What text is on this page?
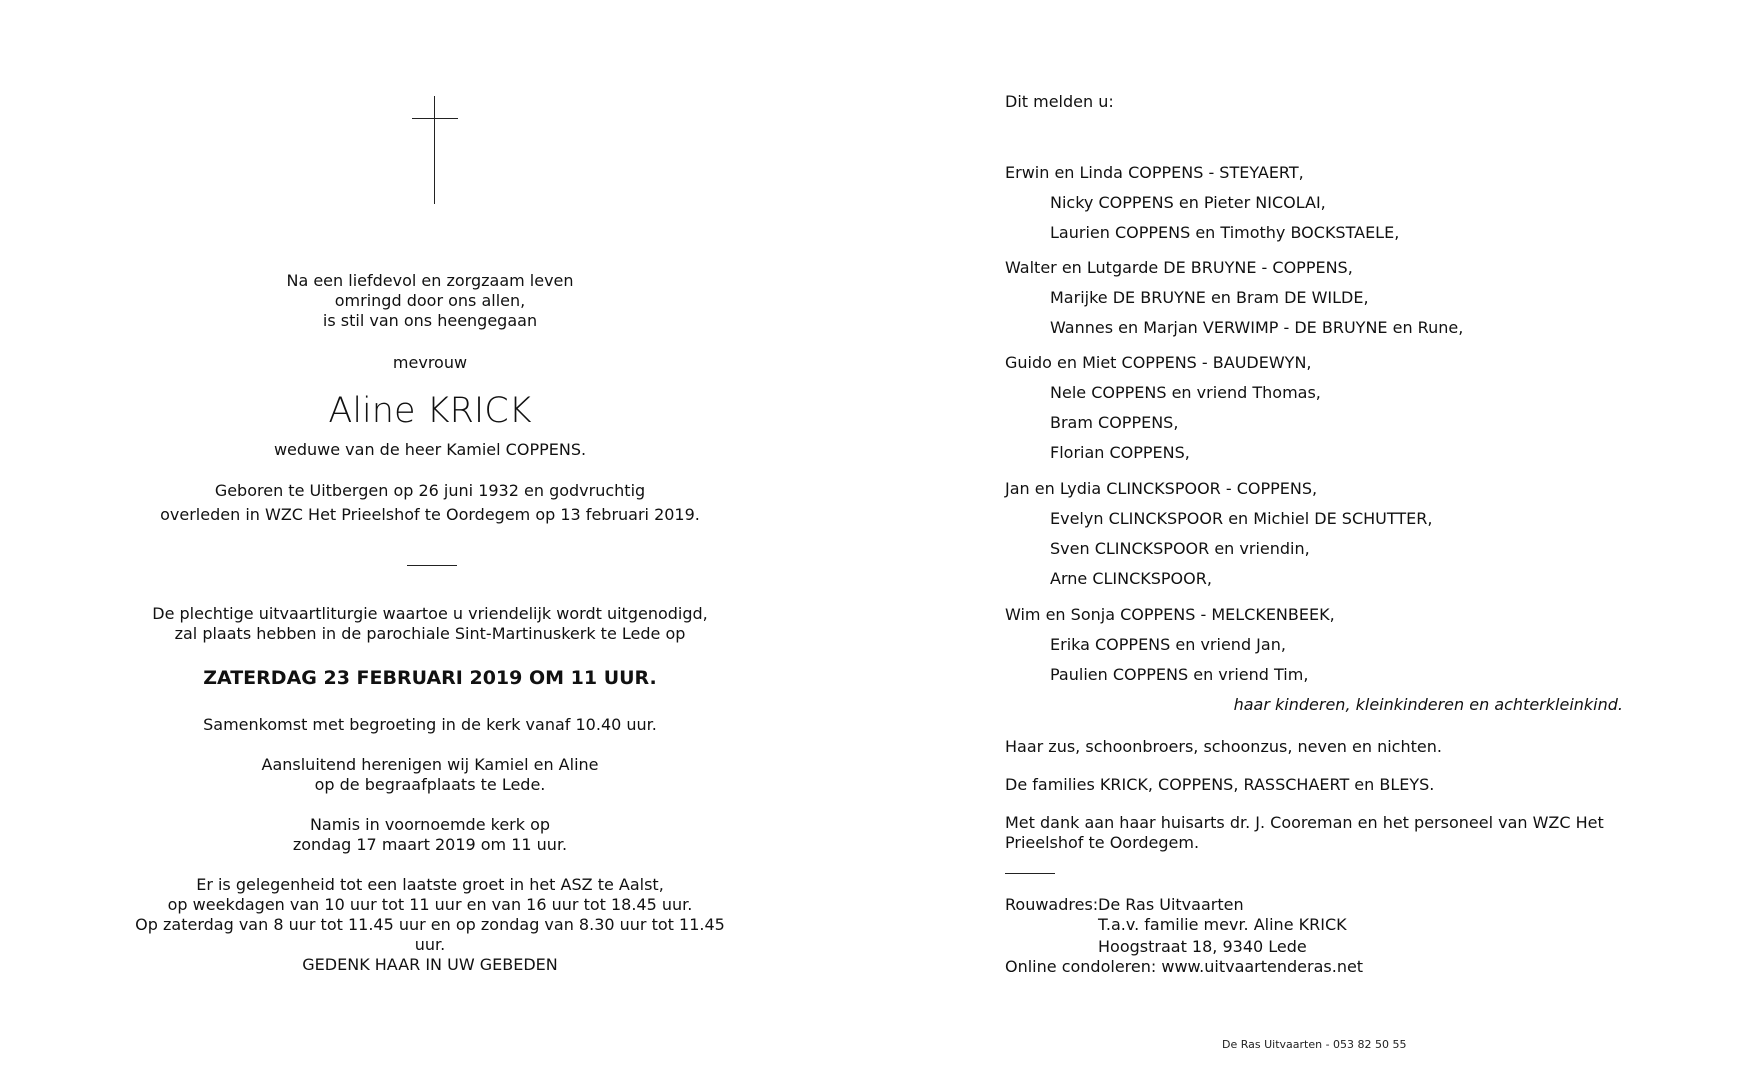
Na een liefdevol en zorgzaam leven

omringd door ons allen,

is stil van ons heengegaan

mevrouw

Aline KRICK

weduwe van de heer Kamiel COPPENS.

Geboren te Uitbergen op 26 juni 1932 en godvruchtig

overleden in WZC Het Prieelshof te Oordegem op 13 februari 2019.

De plechtige uitvaartliturgie waartoe u vriendelijk wordt uitgenodigd,

zal plaats hebben in de parochiale Sint-Martinuskerk te Lede op

ZATERDAG 23 FEBRUARI 2019 OM 11 UUR.

Samenkomst met begroeting in de kerk vanaf 10.40 uur.

Aansluitend herenigen wij Kamiel en Aline

op de begraafplaats te Lede.

Namis in voornoemde kerk op

zondag 17 maart 2019 om 11 uur.

Er is gelegenheid tot een laatste groet in het ASZ te Aalst,

op weekdagen van 10 uur tot 11 uur en van 16 uur tot 18.45 uur.

Op zaterdag van 8 uur tot 11.45 uur en op zondag van 8.30 uur tot 11.45 uur.

GEDENK HAAR IN UW GEBEDEN

Dit melden u:
Erwin en Linda COPPENS - STEYAERT,
Nicky COPPENS en Pieter NICOLAI,
Laurien COPPENS en Timothy BOCKSTAELE,
Walter en Lutgarde DE BRUYNE - COPPENS,
Marijke DE BRUYNE en Bram DE WILDE,
Wannes en Marjan VERWIMP - DE BRUYNE en Rune,
Guido en Miet COPPENS - BAUDEWYN,
Nele COPPENS en vriend Thomas,
Bram COPPENS,
Florian COPPENS,
Jan en Lydia CLINCKSPOOR - COPPENS,
Evelyn CLINCKSPOOR en Michiel DE SCHUTTER,
Sven CLINCKSPOOR en vriendin,
Arne CLINCKSPOOR,
Wim en Sonja COPPENS - MELCKENBEEK,
Erika COPPENS en vriend Jan,
Paulien COPPENS en vriend Tim,
haar kinderen, kleinkinderen en achterkleinkind.
Haar zus, schoonbroers, schoonzus, neven en nichten.
De families KRICK, COPPENS, RASSCHAERT en BLEYS.
Met dank aan haar huisarts dr. J. Cooreman en het personeel van WZC Het Prieelshof te Oordegem.
Rouwadres:De Ras Uitvaarten
T.a.v. familie mevr. Aline KRICK
Hoogstraat 18, 9340 Lede
Online condoleren: www.uitvaartenderas.net
De Ras Uitvaarten - 053 82 50 55
